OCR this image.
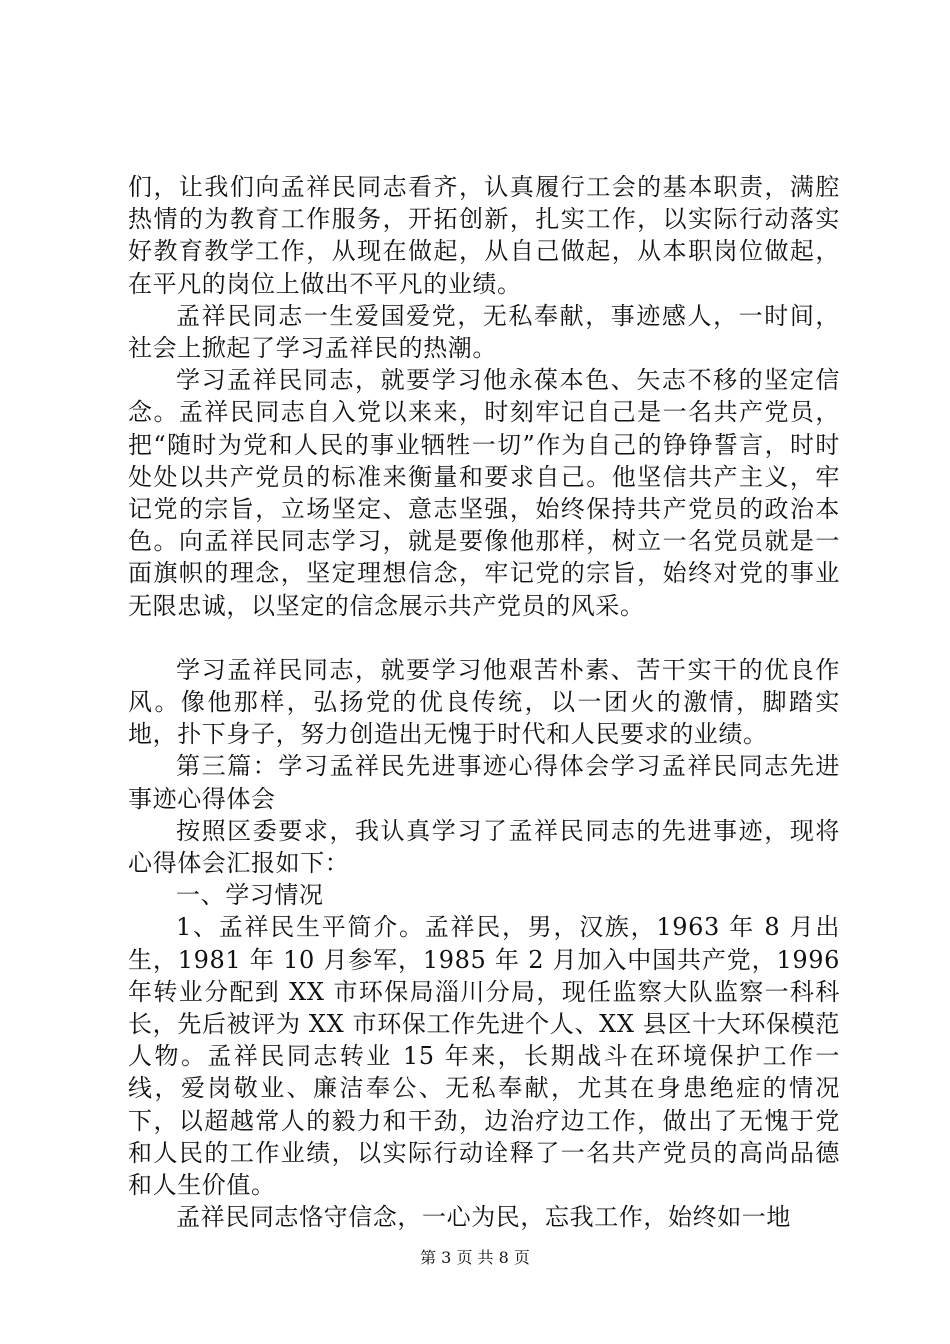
们，让我们向孟祥民同志看齐，认真履行工会的基本职责，满腔热情的为教育工作服务，开拓创新，扎实工作，以实际行动落实好教育教学工作，从现在做起，从自己做起，从本职岗位做起，在平凡的岗位上做出不平凡的业绩。

孟祥民同志一生爱国爱党，无私奉献，事迹感人，一时间，社会上掀起了学习孟祥民的热潮。

学习孟祥民同志，就要学习他永葆本色、矢志不移的坚定信念。孟祥民同志自入党以来来，时刻牢记自己是一名共产党员，把“随时为党和人民的事业牺牲一切”作为自己的铮铮誓言，时时处处以共产党员的标准来衡量和要求自己。他坚信共产主义，牢记党的宗旨，立场坚定、意志坚强，始终保持共产党员的政治本色。向孟祥民同志学习，就是要像他那样，树立一名党员就是一面旗帜的理念，坚定理想信念，牢记党的宗旨，始终对党的事业无限忠诚，以坚定的信念展示共产党员的风采。

学习孟祥民同志，就要学习他艰苦朴素、苦干实干的优良作风。像他那样，弘扬党的优良传统，以一团火的激情，脚踏实地，扑下身子，努力创造出无愧于时代和人民要求的业绩。

第三篇：学习孟祥民先进事迹心得体会学习孟祥民同志先进事迹心得体会

按照区委要求，我认真学习了孟祥民同志的先进事迹，现将心得体会汇报如下：

一、学习情况

1、孟祥民生平简介。孟祥民，男，汉族，1963 年 8 月出生，1981 年 10 月参军，1985 年 2 月加入中国共产党，1996 年转业分配到 XX 市环保局淄川分局，现任监察大队监察一科科长，先后被评为 XX 市环保工作先进个人、XX 县区十大环保模范人物。孟祥民同志转业 15 年来，长期战斗在环境保护工作一线，爱岗敬业、廉洁奉公、无私奉献，尤其在身患绝症的情况下，以超越常人的毅力和干劲，边治疗边工作，做出了无愧于党和人民的工作业绩，以实际行动诠释了一名共产党员的高尚品德和人生价值。

孟祥民同志恪守信念，一心为民，忘我工作，始终如一地

第 3 页 共 8 页
